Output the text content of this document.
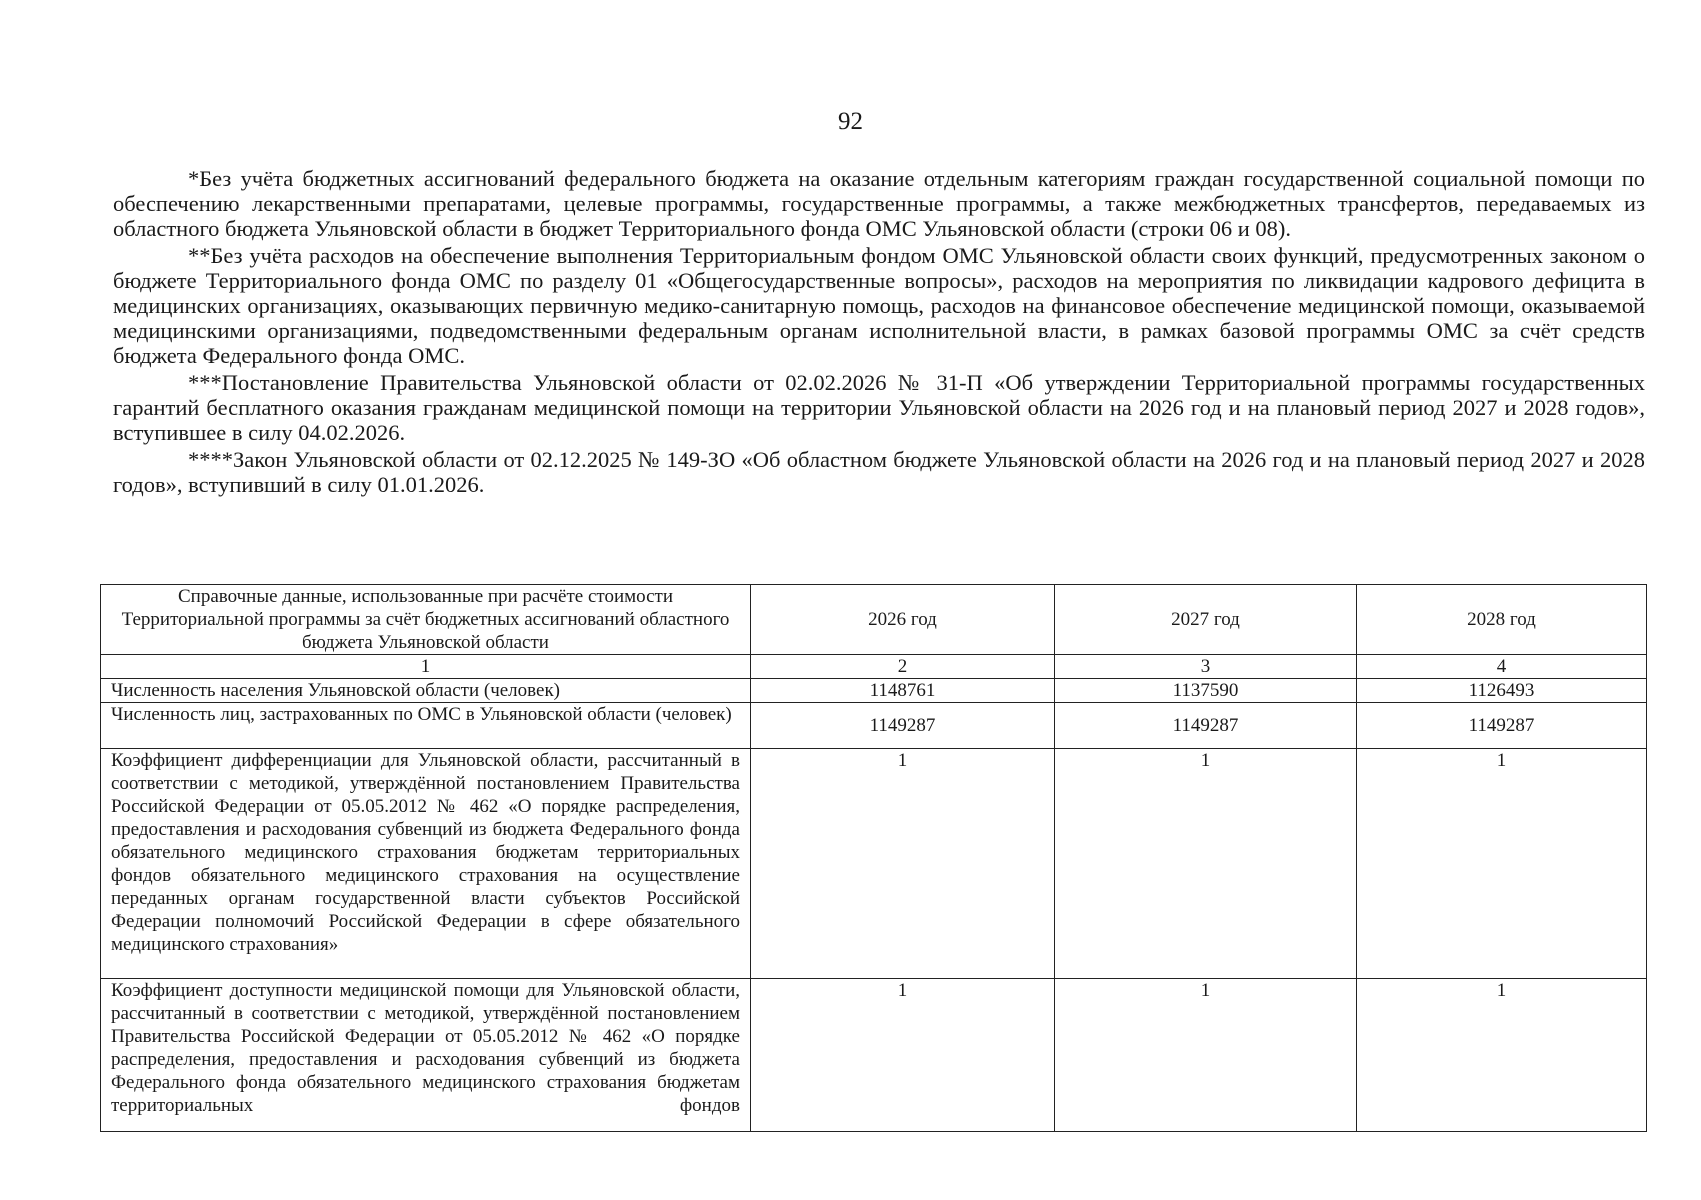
92

*Без учёта бюджетных ассигнований федерального бюджета на оказание отдельным категориям граждан государственной социальной помощи по обеспечению лекарственными препаратами, целевые программы, государственные программы, а также межбюджетных трансфертов, передаваемых из областного бюджета Ульяновской области в бюджет Территориального фонда ОМС Ульяновской области (строки 06 и 08).

**Без учёта расходов на обеспечение выполнения Территориальным фондом ОМС Ульяновской области своих функций, предусмотренных законом о бюджете Территориального фонда ОМС по разделу 01 «Общегосударственные вопросы», расходов на мероприятия по ликвидации кадрового дефицита в медицинских организациях, оказывающих первичную медико-санитарную помощь, расходов на финансовое обеспечение медицинской помощи, оказываемой медицинскими организациями, подведомственными федеральным органам исполнительной власти, в рамках базовой программы ОМС за счёт средств бюджета Федерального фонда ОМС.

***Постановление Правительства Ульяновской области от 02.02.2026 № 31-П «Об утверждении Территориальной программы государственных гарантий бесплатного оказания гражданам медицинской помощи на территории Ульяновской области на 2026 год и на плановый период 2027 и 2028 годов», вступившее в силу 04.02.2026.

****Закон Ульяновской области от 02.12.2025 № 149-ЗО «Об областном бюджете Ульяновской области на 2026 год и на плановый период 2027 и 2028 годов», вступивший в силу 01.01.2026.

Справочные данные, использованные при расчёте стоимости Территориальной программы за счёт бюджетных ассигнований областного бюджета Ульяновской области	2026 год	2027 год	2028 год
1	2	3	4
Численность населения Ульяновской области (человек)	1148761	1137590	1126493
Численность лиц, застрахованных по ОМС в Ульяновской области (человек)	1149287	1149287	1149287
Коэффициент дифференциации для Ульяновской области, рассчитанный в соответствии с методикой, утверждённой постановлением Правительства Российской Федерации от 05.05.2012 № 462 «О порядке распределения, предоставления и расходования субвенций из бюджета Федерального фонда обязательного медицинского страхования бюджетам территориальных фондов обязательного медицинского страхования на осуществление переданных органам государственной власти субъектов Российской Федерации полномочий Российской Федерации в сфере обязательного медицинского страхования»	1	1	1
Коэффициент доступности медицинской помощи для Ульяновской области, рассчитанный в соответствии с методикой, утверждённой постановлением Правительства Российской Федерации от 05.05.2012 № 462 «О порядке распределения, предоставления и расходования субвенций из бюджета Федерального фонда обязательного медицинского страхования бюджетам территориальных фондов	1	1	1
